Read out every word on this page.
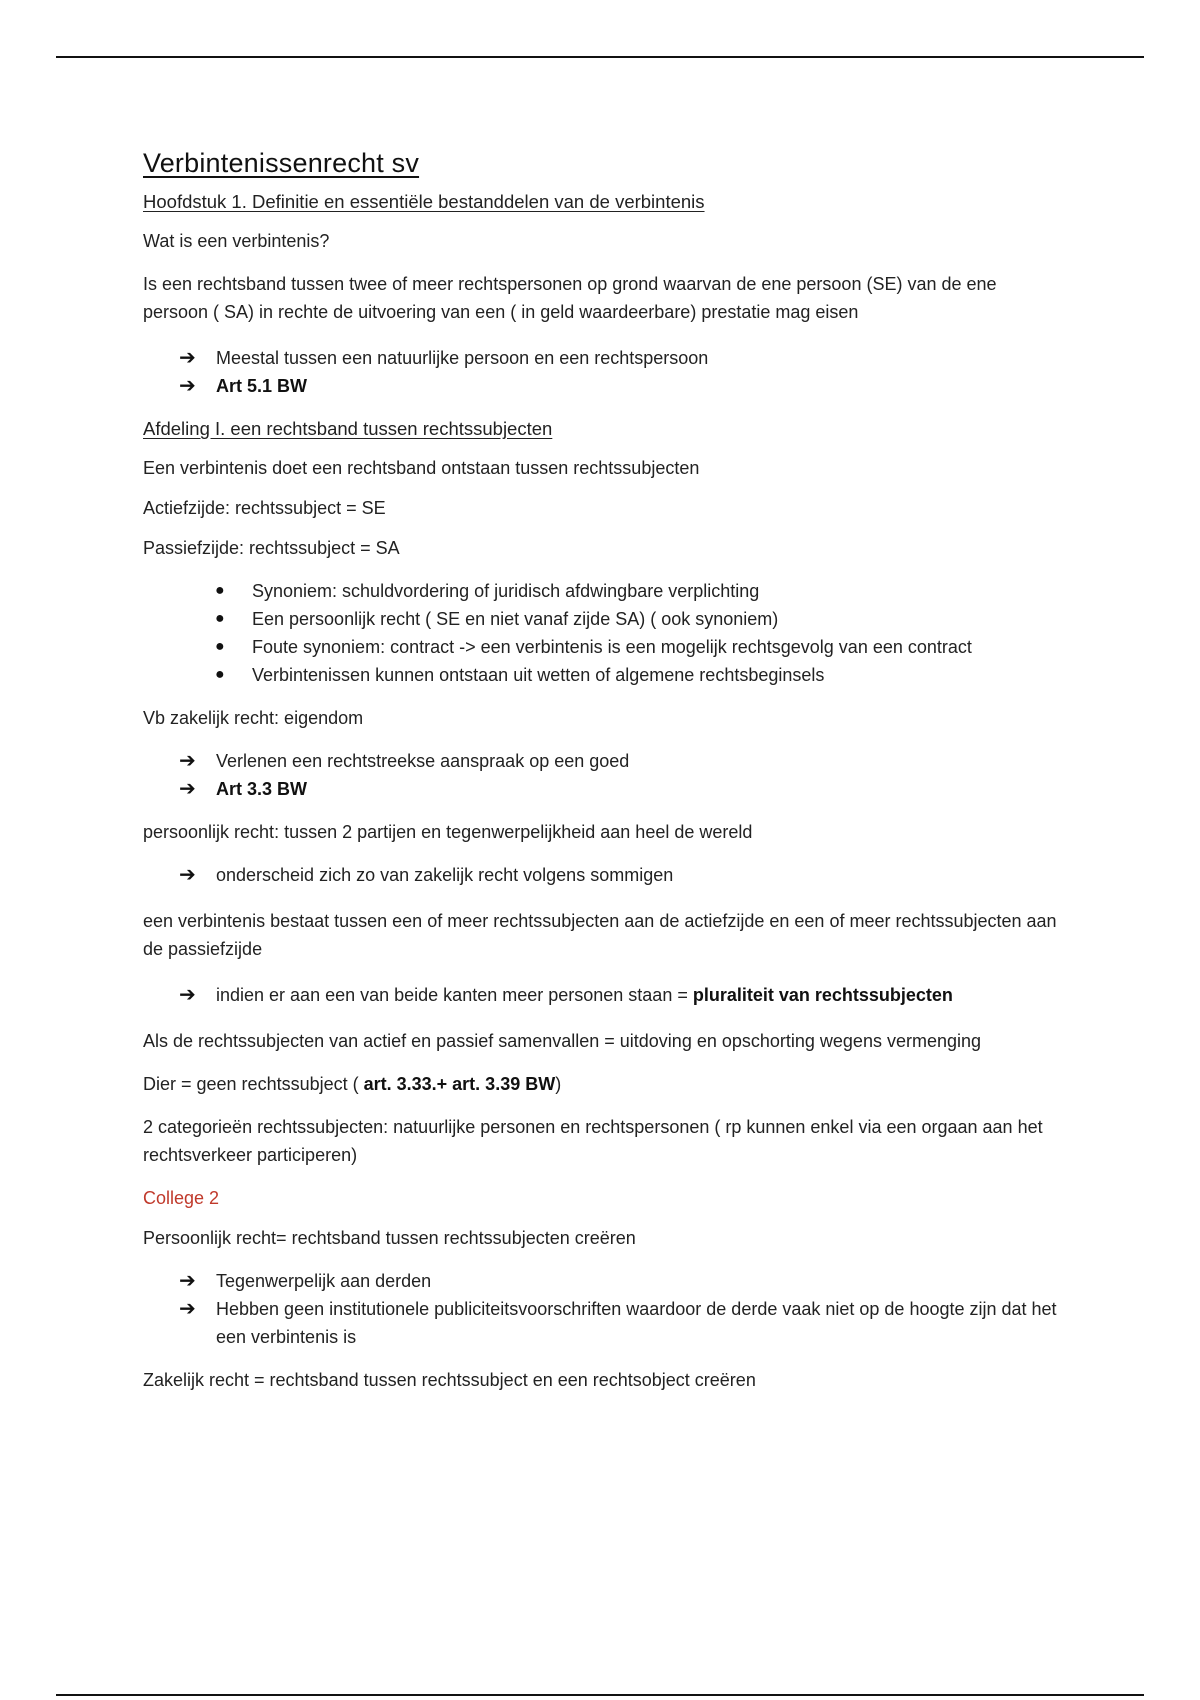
Verbintenissenrecht sv
Hoofdstuk 1. Definitie en essentiële bestanddelen van de verbintenis

Wat is een verbintenis?

Is een rechtsband tussen twee of meer rechtspersonen op grond waarvan de ene persoon (SE) van de ene persoon ( SA) in rechte de uitvoering van een ( in geld waardeerbare) prestatie mag eisen

➔ Meestal tussen een natuurlijke persoon en een rechtspersoon
➔ Art 5.1 BW
Afdeling I. een rechtsband tussen rechtssubjecten

Een verbintenis doet een rechtsband ontstaan tussen rechtssubjecten

Actiefzijde: rechtssubject = SE

Passiefzijde: rechtssubject = SA

● Synoniem: schuldvordering of juridisch afdwingbare verplichting
● Een persoonlijk recht ( SE en niet vanaf zijde SA) ( ook synoniem)
● Foute synoniem: contract -> een verbintenis is een mogelijk rechtsgevolg van een contract
● Verbintenissen kunnen ontstaan uit wetten of algemene rechtsbeginsels

Vb zakelijk recht: eigendom

➔ Verlenen een rechtstreekse aanspraak op een goed
➔ Art 3.3 BW

persoonlijk recht: tussen 2 partijen en tegenwerpelijkheid aan heel de wereld

➔ onderscheid zich zo van zakelijk recht volgens sommigen

een verbintenis bestaat tussen een of meer rechtssubjecten aan de actiefzijde en een of meer rechtssubjecten aan de passiefzijde

➔ indien er aan een van beide kanten meer personen staan = pluraliteit van rechtssubjecten

Als de rechtssubjecten van actief en passief samenvallen = uitdoving en opschorting wegens vermenging

Dier = geen rechtssubject ( art. 3.33.+ art. 3.39 BW)

2 categorieën rechtssubjecten: natuurlijke personen en rechtspersonen ( rp kunnen enkel via een orgaan aan het rechtsverkeer participeren)

College 2

Persoonlijk recht= rechtsband tussen rechtssubjecten creëren

➔ Tegenwerpelijk aan derden
➔ Hebben geen institutionele publiciteitsvoorschriften waardoor de derde vaak niet op de hoogte zijn dat het een verbintenis is

Zakelijk recht = rechtsband tussen rechtssubject en een rechtsobject creëren
